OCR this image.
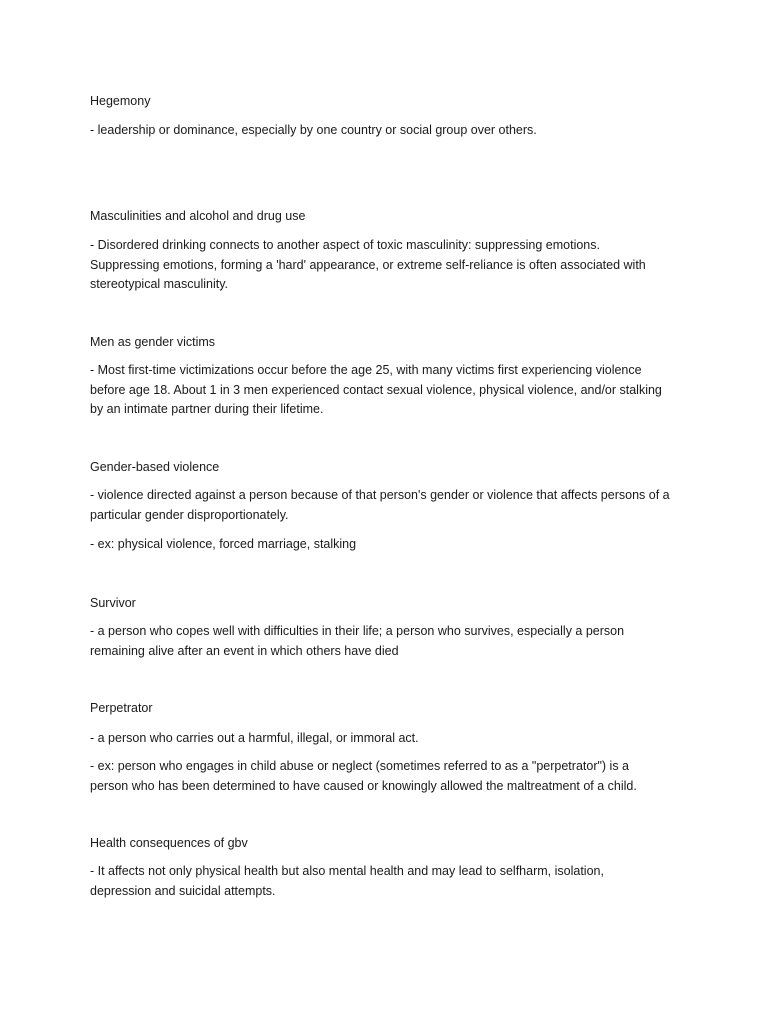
Hegemony

- leadership or dominance, especially by one country or social group over others.

Masculinities and alcohol and drug use

- Disordered drinking connects to another aspect of toxic masculinity: suppressing emotions.
Suppressing emotions, forming a 'hard' appearance, or extreme self-reliance is often associated with
stereotypical masculinity.

Men as gender victims

- Most first-time victimizations occur before the age 25, with many victims first experiencing violence
before age 18. About 1 in 3 men experienced contact sexual violence, physical violence, and/or stalking
by an intimate partner during their lifetime.

Gender-based violence

- violence directed against a person because of that person's gender or violence that affects persons of a
particular gender disproportionately.

- ex: physical violence, forced marriage, stalking

Survivor

- a person who copes well with difficulties in their life; a person who survives, especially a person
remaining alive after an event in which others have died

Perpetrator

- a person who carries out a harmful, illegal, or immoral act.

- ex: person who engages in child abuse or neglect (sometimes referred to as a "perpetrator") is a
person who has been determined to have caused or knowingly allowed the maltreatment of a child.

Health consequences of gbv

- It affects not only physical health but also mental health and may lead to selfharm, isolation,
depression and suicidal attempts.
